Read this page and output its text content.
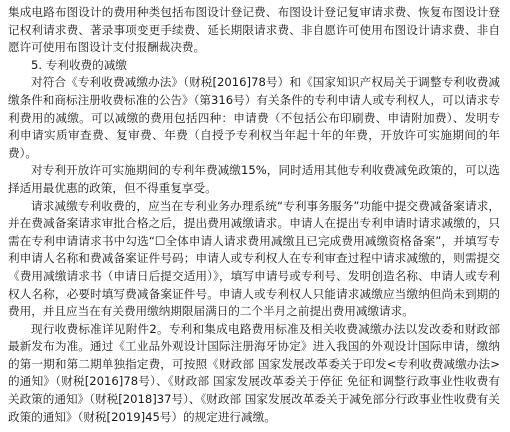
集成电路布图设计的费用种类包括布图设计登记费、布图设计登记复审请求费、恢复布图设计登记权利请求费、著录事项变更手续费、延长期限请求费、非自愿许可使用布图设计请求费、非自愿许可使用布图设计支付报酬裁决费。

5. 专利收费的减缴

对符合《专利收费减缴办法》（财税[2016]78号）和《国家知识产权局关于调整专利收费减缴条件和商标注册收费标准的公告》（第316号）有关条件的专利申请人或专利权人，可以请求专利费用的减缴。可以减缴的费用包括四种：申请费（不包括公布印刷费、申请附加费）、发明专利申请实质审查费、复审费、年费（自授予专利权当年起十年的年费，开放许可实施期间的年费）。

对专利开放许可实施期间的专利年费减缴15%，同时适用其他专利收费减免政策的，可以选择适用最优惠的政策，但不得重复享受。

请求减缴专利收费的，应当在专利业务办理系统“专利事务服务”功能中提交费减备案请求，并在费减备案请求审批合格之后，提出费用减缴请求。申请人在提出专利申请时请求减缴的，只需在专利申请请求书中勾选“☐全体申请人请求费用减缴且已完成费用减缴资格备案”，并填写专利申请人名称和费减备案证件号码；申请人或专利权人在专利审查过程中请求减缴的，则需提交《费用减缴请求书（申请日后提交适用）》，填写申请号或专利号、发明创造名称、申请人或专利权人名称，必要时填写费减备案证件号。申请人或专利权人只能请求减缴应当缴纳但尚未到期的费用，并且应当在有关费用缴纳期限届满日的二个半月之前提出费用减缴请求。

现行收费标准详见附件2。专利和集成电路费用标准及相关收费减缴办法以发改委和财政部最新发布为准。通过《工业品外观设计国际注册海牙协定》进入我国的外观设计国际申请，缴纳的第一期和第二期单独指定费，可按照《财政部 国家发展改革委关于印发<专利收费减缴办法>的通知》（财税[2016]78号）、《财政部 国家发展改革委关于停征 免征和调整行政事业性收费有关政策的通知》（财税[2018]37号）、《财政部 国家发展改革委关于减免部分行政事业性收费有关政策的通知》（财税[2019]45号）的规定进行减缴。
